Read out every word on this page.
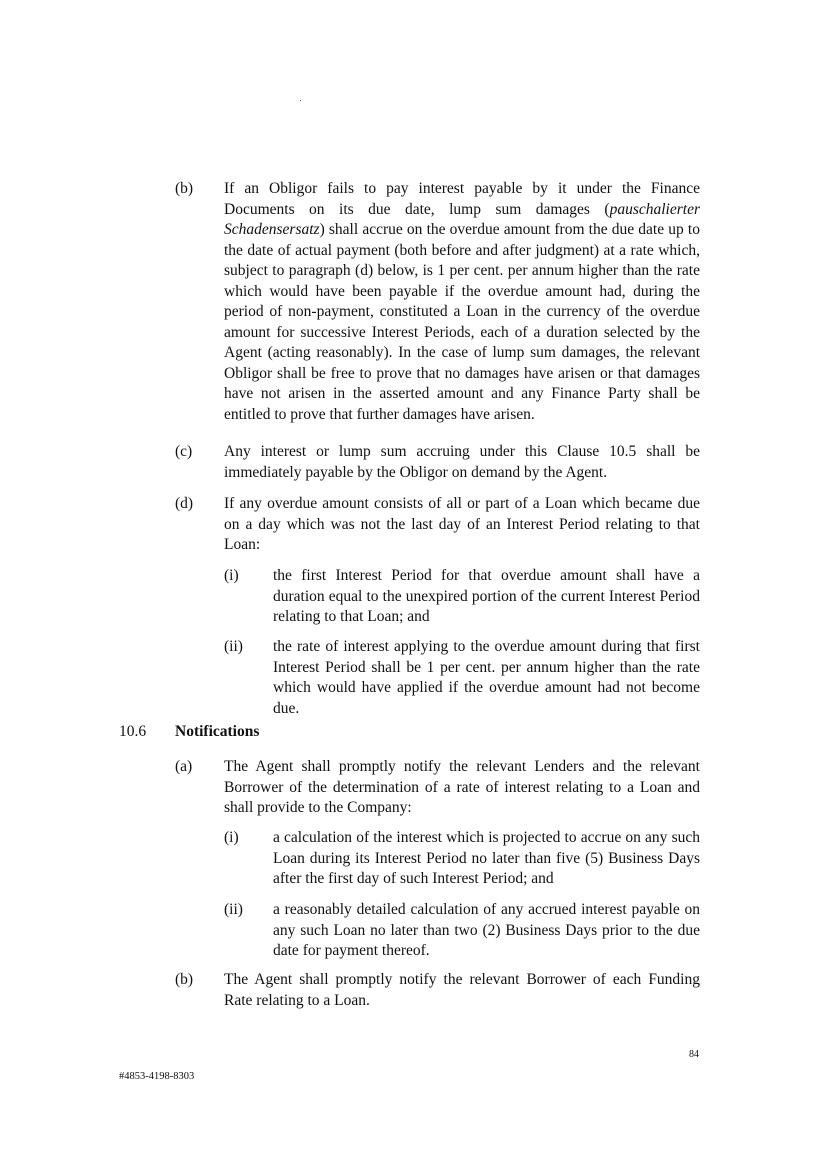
(b) If an Obligor fails to pay interest payable by it under the Finance Documents on its due date, lump sum damages (pauschalierter Schadensersatz) shall accrue on the overdue amount from the due date up to the date of actual payment (both before and after judgment) at a rate which, subject to paragraph (d) below, is 1 per cent. per annum higher than the rate which would have been payable if the overdue amount had, during the period of non-payment, constituted a Loan in the currency of the overdue amount for successive Interest Periods, each of a duration selected by the Agent (acting reasonably). In the case of lump sum damages, the relevant Obligor shall be free to prove that no damages have arisen or that damages have not arisen in the asserted amount and any Finance Party shall be entitled to prove that further damages have arisen.
(c) Any interest or lump sum accruing under this Clause 10.5 shall be immediately payable by the Obligor on demand by the Agent.
(d) If any overdue amount consists of all or part of a Loan which became due on a day which was not the last day of an Interest Period relating to that Loan:
(i) the first Interest Period for that overdue amount shall have a duration equal to the unexpired portion of the current Interest Period relating to that Loan; and
(ii) the rate of interest applying to the overdue amount during that first Interest Period shall be 1 per cent. per annum higher than the rate which would have applied if the overdue amount had not become due.
10.6 Notifications
(a) The Agent shall promptly notify the relevant Lenders and the relevant Borrower of the determination of a rate of interest relating to a Loan and shall provide to the Company:
(i) a calculation of the interest which is projected to accrue on any such Loan during its Interest Period no later than five (5) Business Days after the first day of such Interest Period; and
(ii) a reasonably detailed calculation of any accrued interest payable on any such Loan no later than two (2) Business Days prior to the due date for payment thereof.
(b) The Agent shall promptly notify the relevant Borrower of each Funding Rate relating to a Loan.
84
#4853-4198-8303
